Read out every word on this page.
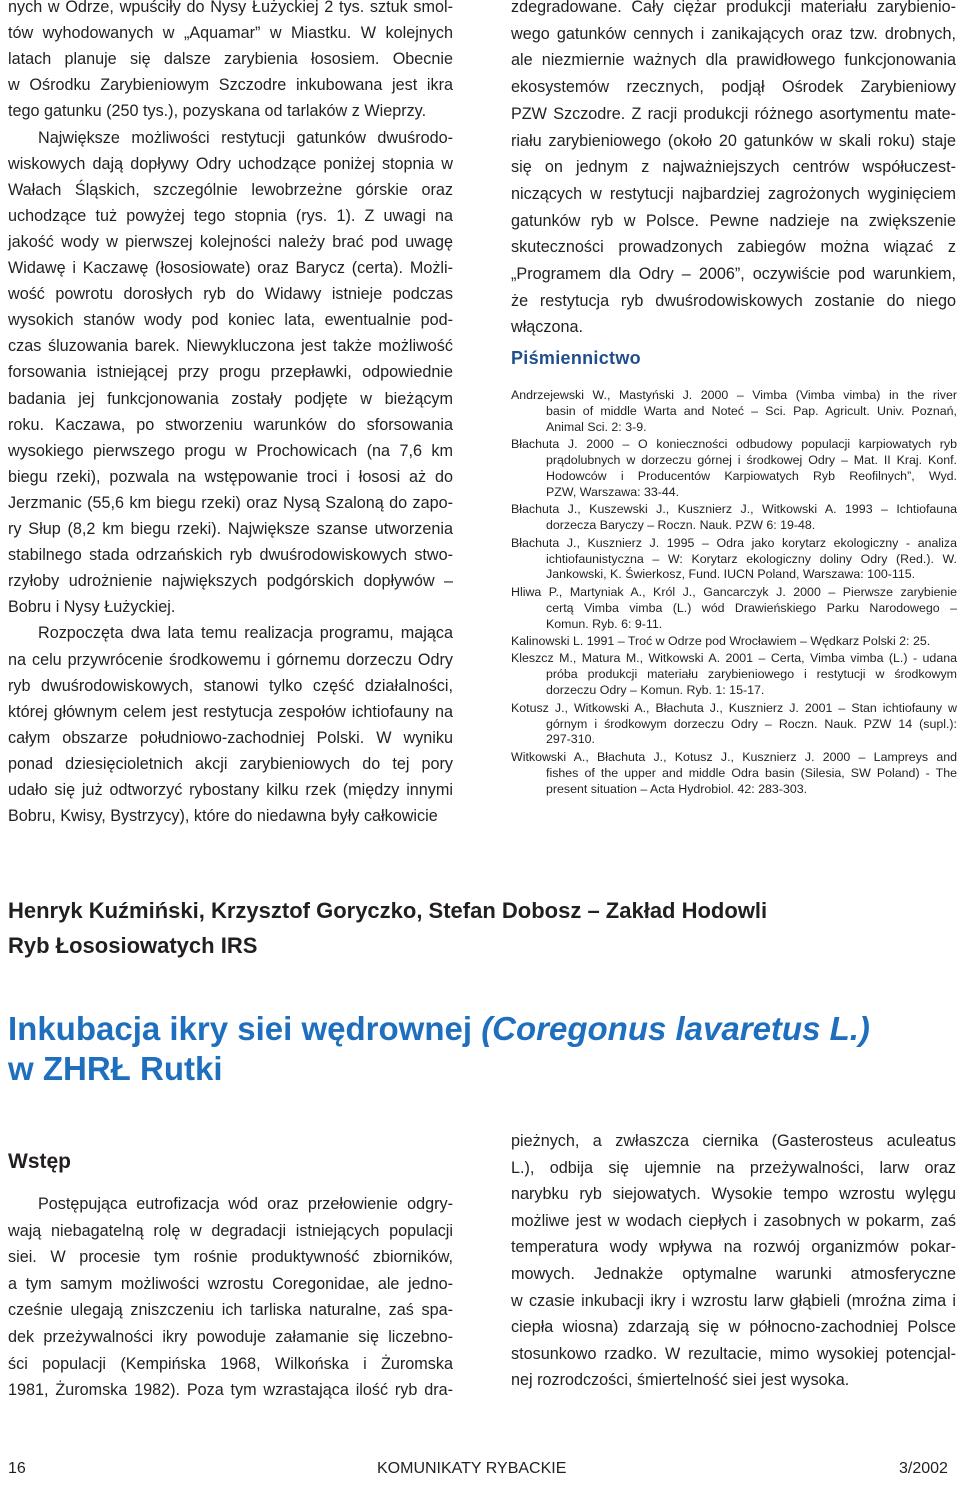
nych w Odrze, wpuściły do Nysy Łużyckiej 2 tys. sztuk smol-
tów wyhodowanych w „Aquamar” w Miastku. W kolejnych
latach planuje się dalsze zarybienia łososiem. Obecnie
w Ośrodku Zarybieniowym Szczodre inkubowana jest ikra
tego gatunku (250 tys.), pozyskana od tarlaków z Wieprzy.
Największe możliwości restytucji gatunków dwuśrodo-
wiskowych dają dopływy Odry uchodzące poniżej stopnia w
Wałach Śląskich, szczególnie lewobrzeżne górskie oraz
uchodzące tuż powyżej tego stopnia (rys. 1). Z uwagi na
jakość wody w pierwszej kolejności należy brać pod uwagę
Widawę i Kaczawę (łososiowate) oraz Barycz (certa). Możli-
wość powrotu dorosłych ryb do Widawy istnieje podczas
wysokich stanów wody pod koniec lata, ewentualnie pod-
czas śluzowania barek. Niewykluczona jest także możliwość
forsowania istniejącej przy progu przepławki, odpowiednie
badania jej funkcjonowania zostały podjęte w bieżącym
roku. Kaczawa, po stworzeniu warunków do sforsowania
wysokiego pierwszego progu w Prochowicach (na 7,6 km
biegu rzeki), pozwala na wstępowanie troci i łososi aż do
Jerzmanic (55,6 km biegu rzeki) oraz Nysą Szaloną do zapo-
ry Słup (8,2 km biegu rzeki). Największe szanse utworzenia
stabilnego stada odrzańskich ryb dwuśrodowiskowych stwo-
rzyłoby udrożnienie największych podgórskich dopływów –
Bobru i Nysy Łużyckiej.
Rozpoczęta dwa lata temu realizacja programu, mająca
na celu przywrócenie środkowemu i górnemu dorzeczu Odry
ryb dwuśrodowiskowych, stanowi tylko część działalności,
której głównym celem jest restytucja zespołów ichtiofauny na
całym obszarze południowo-zachodniej Polski. W wyniku
ponad dziesięcioletnich akcji zarybieniowych do tej pory
udało się już odtworzyć rybostany kilku rzek (między innymi
Bobru, Kwisy, Bystrzycy), które do niedawna były całkowicie
zdegradowane. Cały ciężar produkcji materiału zarybienio-
wego gatunków cennych i zanikających oraz tzw. drobnych,
ale niezmiernie ważnych dla prawidłowego funkcjonowania
ekosystemów rzecznych, podjął Ośrodek Zarybieniowy
PZW Szczodre. Z racji produkcji różnego asortymentu mate-
riału zarybieniowego (około 20 gatunków w skali roku) staje
się on jednym z najważniejszych centrów współuczest-
niczących w restytucji najbardziej zagrożonych wyginięciem
gatunków ryb w Polsce. Pewne nadzieje na zwiększenie
skuteczności prowadzonych zabiegów można wiązać z
„Programem dla Odry – 2006”, oczywiście pod warunkiem,
że restytucja ryb dwuśrodowiskowych zostanie do niego
włączona.
Piśmiennictwo
Andrzejewski W., Mastyński J. 2000 – Vimba (Vimba vimba) in the river
basin of middle Warta and Noteć – Sci. Pap. Agricult. Univ. Poznań,
Animal Sci. 2: 3-9.
Błachuta J. 2000 – O konieczności odbudowy populacji karpiowatych ryb
prądolubnych w dorzeczu górnej i środkowej Odry – Mat. II Kraj. Konf.
Hodowców i Producentów Karpiowatych Ryb Reofilnych”, Wyd.
PZW, Warszawa: 33-44.
Błachuta J., Kuszewski J., Kusznierz J., Witkowski A. 1993 – Ichtiofauna
dorzecza Baryczy – Roczn. Nauk. PZW 6: 19-48.
Błachuta J., Kusznierz J. 1995 – Odra jako korytarz ekologiczny - analiza
ichtiofaunistyczna – W: Korytarz ekologiczny doliny Odry (Red.). W.
Jankowski, K. Świerkosz, Fund. IUCN Poland, Warszawa: 100-115.
Hliwa P., Martyniak A., Król J., Gancarczyk J. 2000 – Pierwsze zarybienie
certą Vimba vimba (L.) wód Drawieńskiego Parku Narodowego –
Komun. Ryb. 6: 9-11.
Kalinowski L. 1991 – Troć w Odrze pod Wrocławiem – Wędkarz Polski 2: 25.
Kleszcz M., Matura M., Witkowski A. 2001 – Certa, Vimba vimba (L.) - udana
próba produkcji materiału zarybieniowego i restytucji w środkowym
dorzeczu Odry – Komun. Ryb. 1: 15-17.
Kotusz J., Witkowski A., Błachuta J., Kusznierz J. 2001 – Stan ichtiofauny w
górnym i środkowym dorzeczu Odry – Roczn. Nauk. PZW 14 (supl.):
297-310.
Witkowski A., Błachuta J., Kotusz J., Kusznierz J. 2000 – Lampreys and
fishes of the upper and middle Odra basin (Silesia, SW Poland) - The
present situation – Acta Hydrobiol. 42: 283-303.
Henryk Kuźmiński, Krzysztof Goryczko, Stefan Dobosz – Zakład Hodowli
Ryb Łososiowatych IRS
Inkubacja ikry siei wędrownej (Coregonus lavaretus L.)
w ZHRŁ Rutki
Wstęp
Postępująca eutrofizacja wód oraz przełowienie odgry-
wają niebagatelną rolę w degradacji istniejących populacji
siei. W procesie tym rośnie produktywność zbiorników,
a tym samym możliwości wzrostu Coregonidae, ale jedno-
cześnie ulegają zniszczeniu ich tarliska naturalne, zaś spa-
dek przeżywalności ikry powoduje załamanie się liczebno-
ści populacji (Kempińska 1968, Wilkońska i Żuromska
1981, Żuromska 1982). Poza tym wzrastająca ilość ryb dra-
pieżnych, a zwłaszcza ciernika (Gasterosteus aculeatus
L.), odbija się ujemnie na przeżywalności, larw oraz
narybku ryb siejowatych. Wysokie tempo wzrostu wylęgu
możliwe jest w wodach ciepłych i zasobnych w pokarm, zaś
temperatura wody wpływa na rozwój organizmów pokar-
mowych. Jednakże optymalne warunki atmosferyczne
w czasie inkubacji ikry i wzrostu larw głąbieli (mroźna zima i
ciepła wiosna) zdarzają się w północno-zachodniej Polsce
stosunkowo rzadko. W rezultacie, mimo wysokiej potencjal-
nej rozrodczości, śmiertelność siei jest wysoka.
16	KOMUNIKATY RYBACKIE	3/2002
